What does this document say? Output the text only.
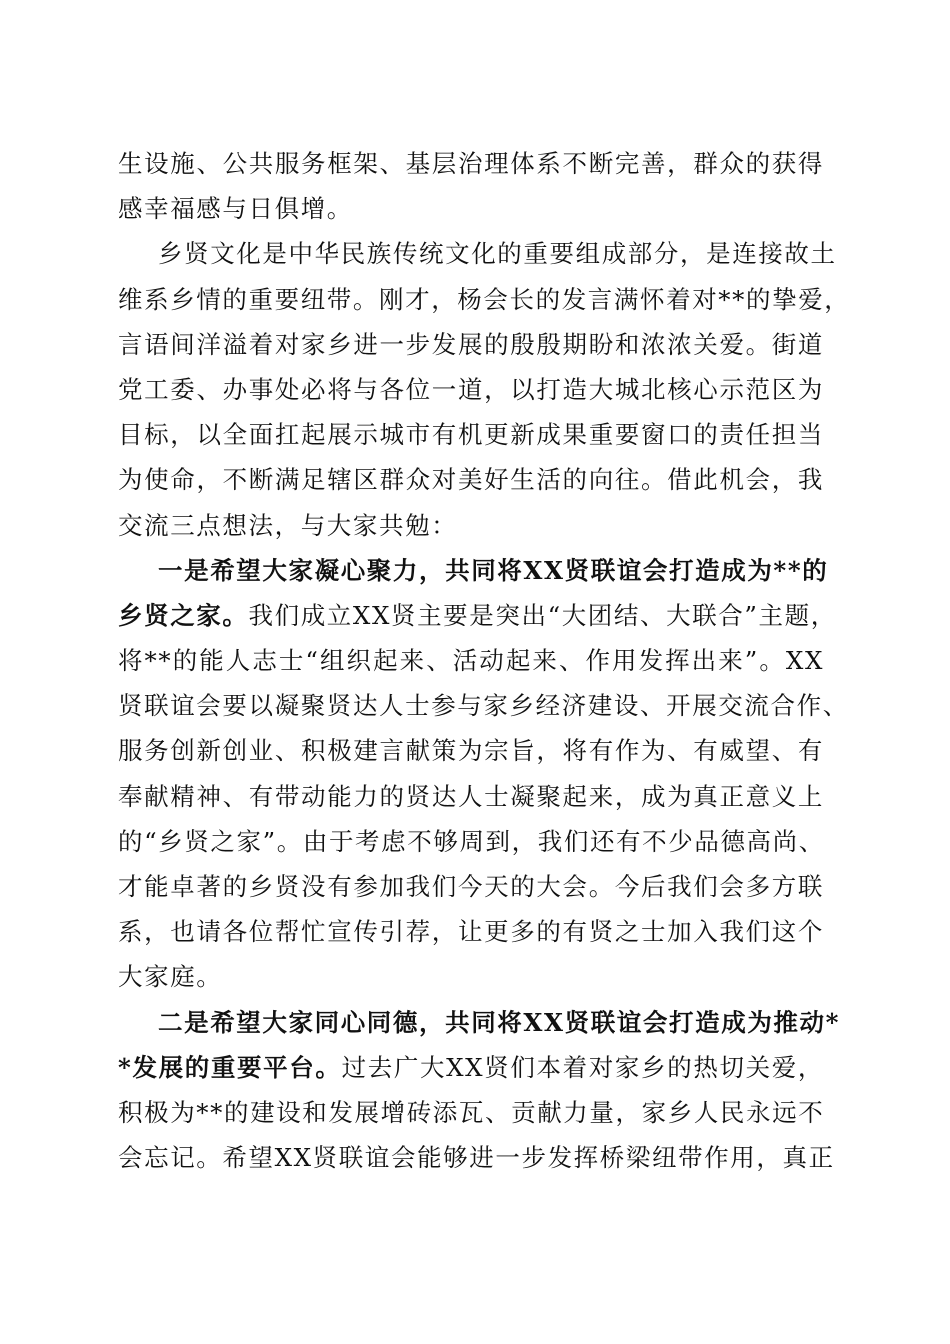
生设施、公共服务框架、基层治理体系不断完善，群众的获得
感幸福感与日俱增。
乡贤文化是中华民族传统文化的重要组成部分，是连接故土
维系乡情的重要纽带。刚才，杨会长的发言满怀着对**的挚爱，
言语间洋溢着对家乡进一步发展的殷殷期盼和浓浓关爱。街道
党工委、办事处必将与各位一道，以打造大城北核心示范区为
目标，以全面扛起展示城市有机更新成果重要窗口的责任担当
为使命，不断满足辖区群众对美好生活的向往。借此机会，我
交流三点想法，与大家共勉：
一是希望大家凝心聚力，共同将XX贤联谊会打造成为**的
乡贤之家。我们成立XX贤主要是突出“大团结、大联合”主题，
将**的能人志士“组织起来、活动起来、作用发挥出来”。XX
贤联谊会要以凝聚贤达人士参与家乡经济建设、开展交流合作、
服务创新创业、积极建言献策为宗旨，将有作为、有威望、有
奉献精神、有带动能力的贤达人士凝聚起来，成为真正意义上
的“乡贤之家”。由于考虑不够周到，我们还有不少品德高尚、
才能卓著的乡贤没有参加我们今天的大会。今后我们会多方联
系，也请各位帮忙宣传引荐，让更多的有贤之士加入我们这个
大家庭。
二是希望大家同心同德，共同将XX贤联谊会打造成为推动*
*发展的重要平台。过去广大XX贤们本着对家乡的热切关爱，
积极为**的建设和发展增砖添瓦、贡献力量，家乡人民永远不
会忘记。希望XX贤联谊会能够进一步发挥桥梁纽带作用，真正
